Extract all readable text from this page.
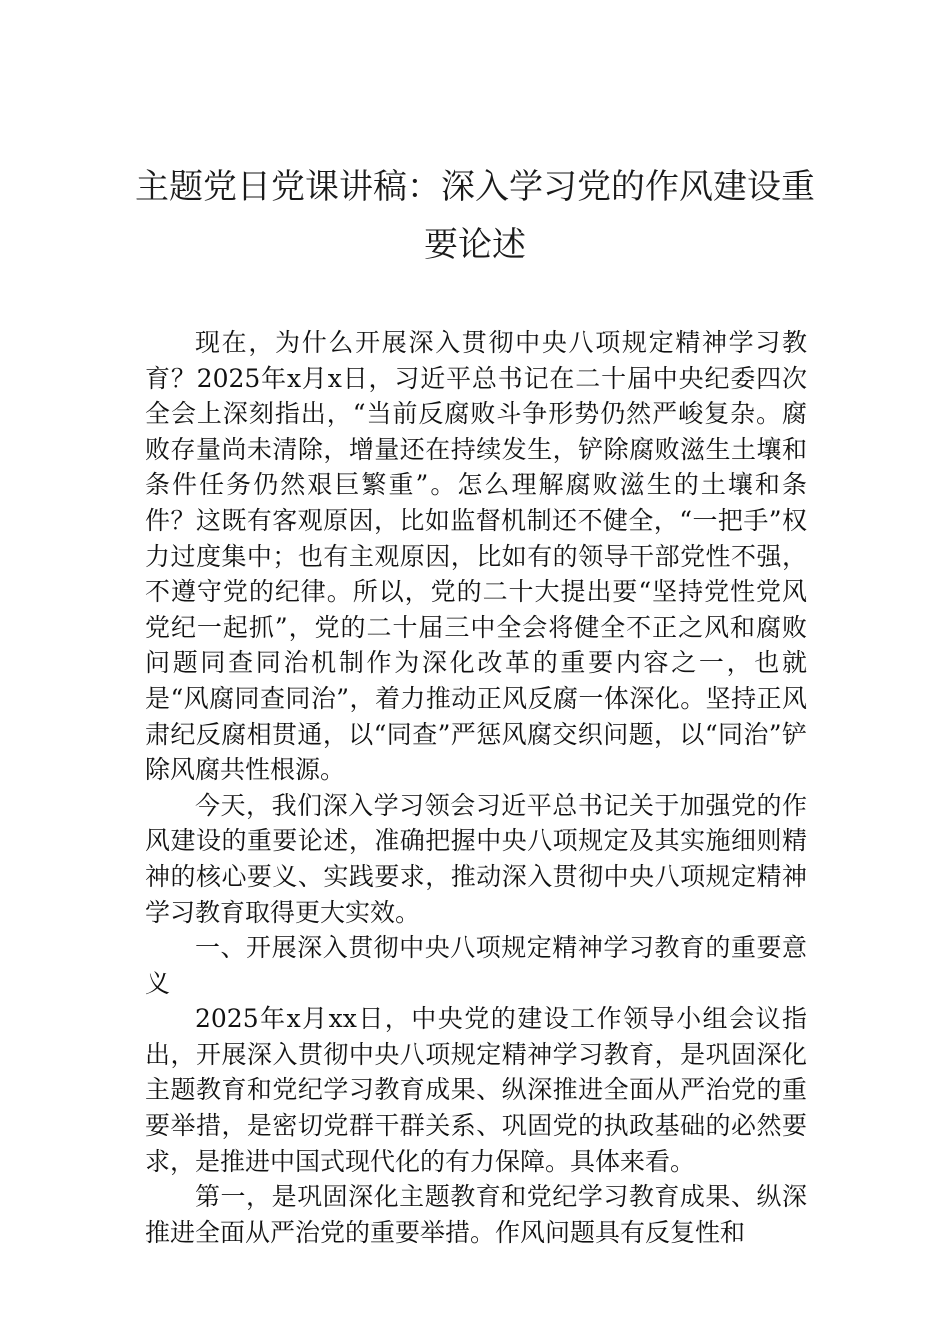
主题党日党课讲稿：深入学习党的作风建设重要论述

现在，为什么开展深入贯彻中央八项规定精神学习教育？2025年x月x日，习近平总书记在二十届中央纪委四次全会上深刻指出，“当前反腐败斗争形势仍然严峻复杂。腐败存量尚未清除，增量还在持续发生，铲除腐败滋生土壤和条件任务仍然艰巨繁重”。怎么理解腐败滋生的土壤和条件？这既有客观原因，比如监督机制还不健全，“一把手”权力过度集中；也有主观原因，比如有的领导干部党性不强，不遵守党的纪律。所以，党的二十大提出要“坚持党性党风党纪一起抓”，党的二十届三中全会将健全不正之风和腐败问题同查同治机制作为深化改革的重要内容之一，也就是“风腐同查同治”，着力推动正风反腐一体深化。坚持正风肃纪反腐相贯通，以“同查”严惩风腐交织问题，以“同治”铲除风腐共性根源。

今天，我们深入学习领会习近平总书记关于加强党的作风建设的重要论述，准确把握中央八项规定及其实施细则精神的核心要义、实践要求，推动深入贯彻中央八项规定精神学习教育取得更大实效。

一、开展深入贯彻中央八项规定精神学习教育的重要意义

2025年x月xx日，中央党的建设工作领导小组会议指出，开展深入贯彻中央八项规定精神学习教育，是巩固深化主题教育和党纪学习教育成果、纵深推进全面从严治党的重要举措，是密切党群干群关系、巩固党的执政基础的必然要求，是推进中国式现代化的有力保障。具体来看。

第一，是巩固深化主题教育和党纪学习教育成果、纵深推进全面从严治党的重要举措。作风问题具有反复性和
